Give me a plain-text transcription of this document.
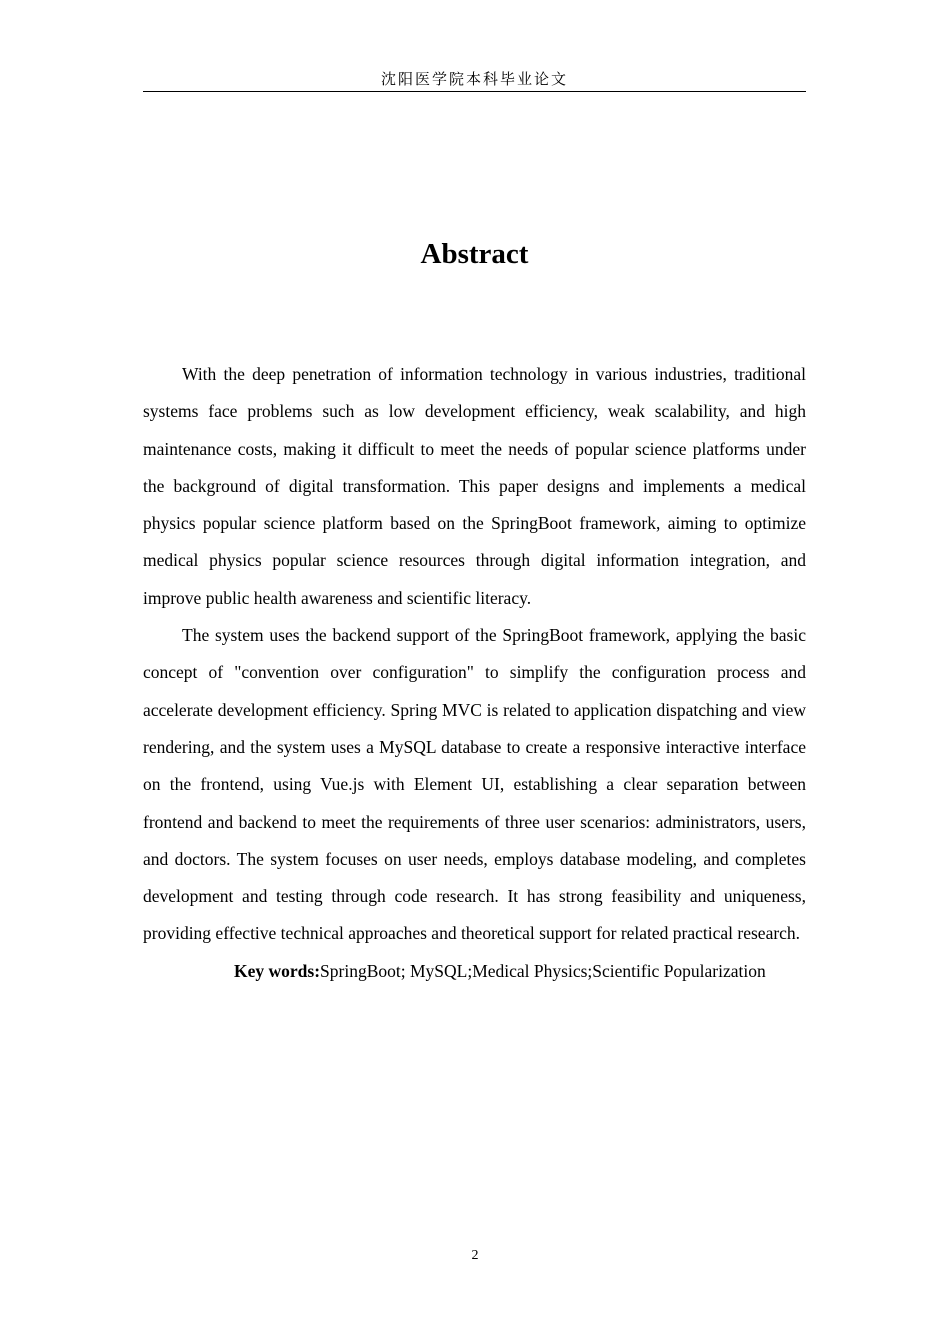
沈阳医学院本科毕业论文
Abstract

With the deep penetration of information technology in various industries, traditional systems face problems such as low development efficiency, weak scalability, and high maintenance costs, making it difficult to meet the needs of popular science platforms under the background of digital transformation. This paper designs and implements a medical physics popular science platform based on the SpringBoot framework, aiming to optimize medical physics popular science resources through digital information integration, and improve public health awareness and scientific literacy.

The system uses the backend support of the SpringBoot framework, applying the basic concept of "convention over configuration" to simplify the configuration process and accelerate development efficiency. Spring MVC is related to application dispatching and view rendering, and the system uses a MySQL database to create a responsive interactive interface on the frontend, using Vue.js with Element UI, establishing a clear separation between frontend and backend to meet the requirements of three user scenarios: administrators, users, and doctors. The system focuses on user needs, employs database modeling, and completes development and testing through code research. It has strong feasibility and uniqueness, providing effective technical approaches and theoretical support for related practical research.

Key words:SpringBoot; MySQL;Medical Physics;Scientific Popularization

2
